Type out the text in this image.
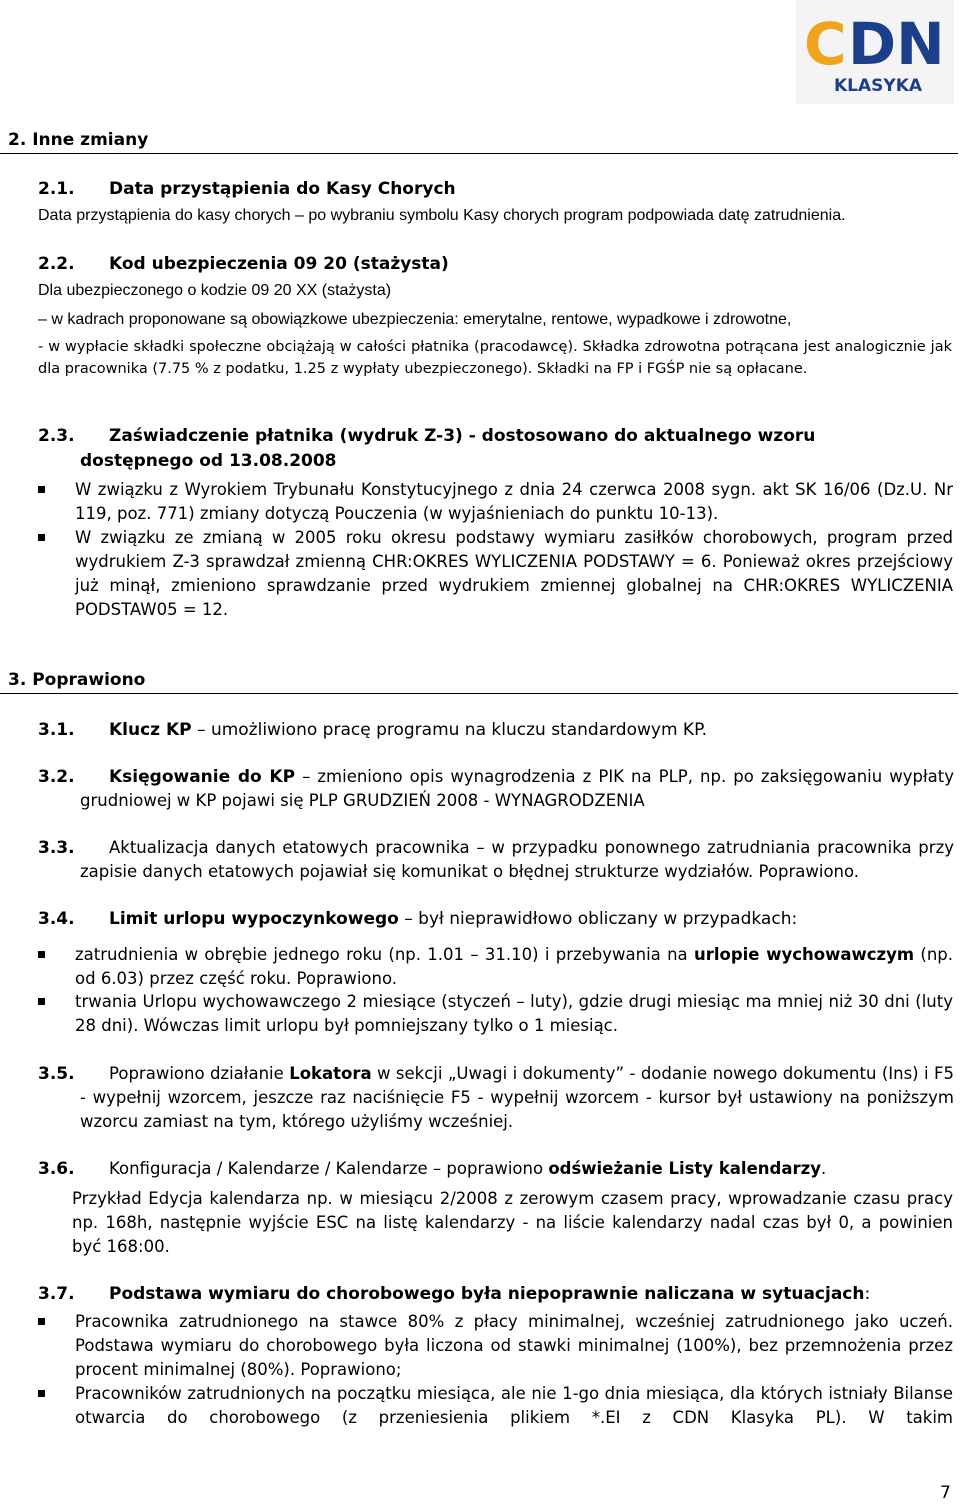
C DN
KLASYKA
2. Inne zmiany
2.1. Data przystąpienia do Kasy Chorych
Data przystąpienia do kasy chorych – po wybraniu symbolu Kasy chorych program podpowiada datę zatrudnienia.
2.2. Kod ubezpieczenia 09 20 (stażysta)
Dla ubezpieczonego o kodzie 09 20 XX (stażysta)
– w kadrach proponowane są obowiązkowe ubezpieczenia: emerytalne, rentowe, wypadkowe i zdrowotne,
- w wypłacie składki społeczne obciążają w całości płatnika (pracodawcę). Składka zdrowotna potrącana jest analogicznie jak dla pracownika (7.75 % z podatku, 1.25 z wypłaty ubezpieczonego). Składki na FP i FGŚP nie są opłacane.
2.3. Zaświadczenie płatnika (wydruk Z-3) - dostosowano do aktualnego wzoru
dostępnego od 13.08.2008
W związku z Wyrokiem Trybunału Konstytucyjnego z dnia 24 czerwca 2008 sygn. akt SK 16/06 (Dz.U. Nr 119, poz. 771) zmiany dotyczą Pouczenia (w wyjaśnieniach do punktu 10-13).
W związku ze zmianą w 2005 roku okresu podstawy wymiaru zasiłków chorobowych, program przed wydrukiem Z-3 sprawdzał zmienną CHR:OKRES WYLICZENIA PODSTAWY = 6. Ponieważ okres przejściowy już minął, zmieniono sprawdzanie przed wydrukiem zmiennej globalnej na CHR:OKRES WYLICZENIA PODSTAW05 = 12.
3. Poprawiono
3.1. Klucz KP – umożliwiono pracę programu na kluczu standardowym KP.
3.2.	Księgowanie do KP – zmieniono opis wynagrodzenia z PIK na PLP, np. po zaksięgowaniu wypłaty grudniowej w KP pojawi się PLP GRUDZIEŃ 2008 - WYNAGRODZENIA
3.3.	Aktualizacja danych etatowych pracownika – w przypadku ponownego zatrudniania pracownika przy zapisie danych etatowych pojawiał się komunikat o błędnej strukturze wydziałów. Poprawiono.
3.4. Limit urlopu wypoczynkowego – był nieprawidłowo obliczany w przypadkach:
zatrudnienia w obrębie jednego roku (np. 1.01 – 31.10) i przebywania na urlopie wychowawczym (np. od 6.03) przez część roku. Poprawiono.
trwania Urlopu wychowawczego 2 miesiące (styczeń – luty), gdzie drugi miesiąc ma mniej niż 30 dni (luty 28 dni). Wówczas limit urlopu był pomniejszany tylko o 1 miesiąc.
3.5.	Poprawiono działanie Lokatora w sekcji „Uwagi i dokumenty” - dodanie nowego dokumentu (Ins) i F5 - wypełnij wzorcem, jeszcze raz naciśnięcie F5 - wypełnij wzorcem - kursor był ustawiony na poniższym wzorcu zamiast na tym, którego użyliśmy wcześniej.
3.6. Konfiguracja / Kalendarze / Kalendarze – poprawiono odświeżanie Listy kalendarzy.
Przykład Edycja kalendarza np. w miesiącu 2/2008 z zerowym czasem pracy, wprowadzanie czasu pracy np. 168h, następnie wyjście ESC na listę kalendarzy - na liście kalendarzy nadal czas był 0, a powinien być 168:00.
3.7. Podstawa wymiaru do chorobowego była niepoprawnie naliczana w sytuacjach:
Pracownika zatrudnionego na stawce 80% z płacy minimalnej, wcześniej zatrudnionego jako uczeń. Podstawa wymiaru do chorobowego była liczona od stawki minimalnej (100%), bez przemnożenia przez procent minimalnej (80%). Poprawiono;
Pracowników zatrudnionych na początku miesiąca, ale nie 1-go dnia miesiąca, dla których istniały Bilanse otwarcia do chorobowego (z przeniesienia plikiem *.EI z CDN Klasyka PL). W takim
7
